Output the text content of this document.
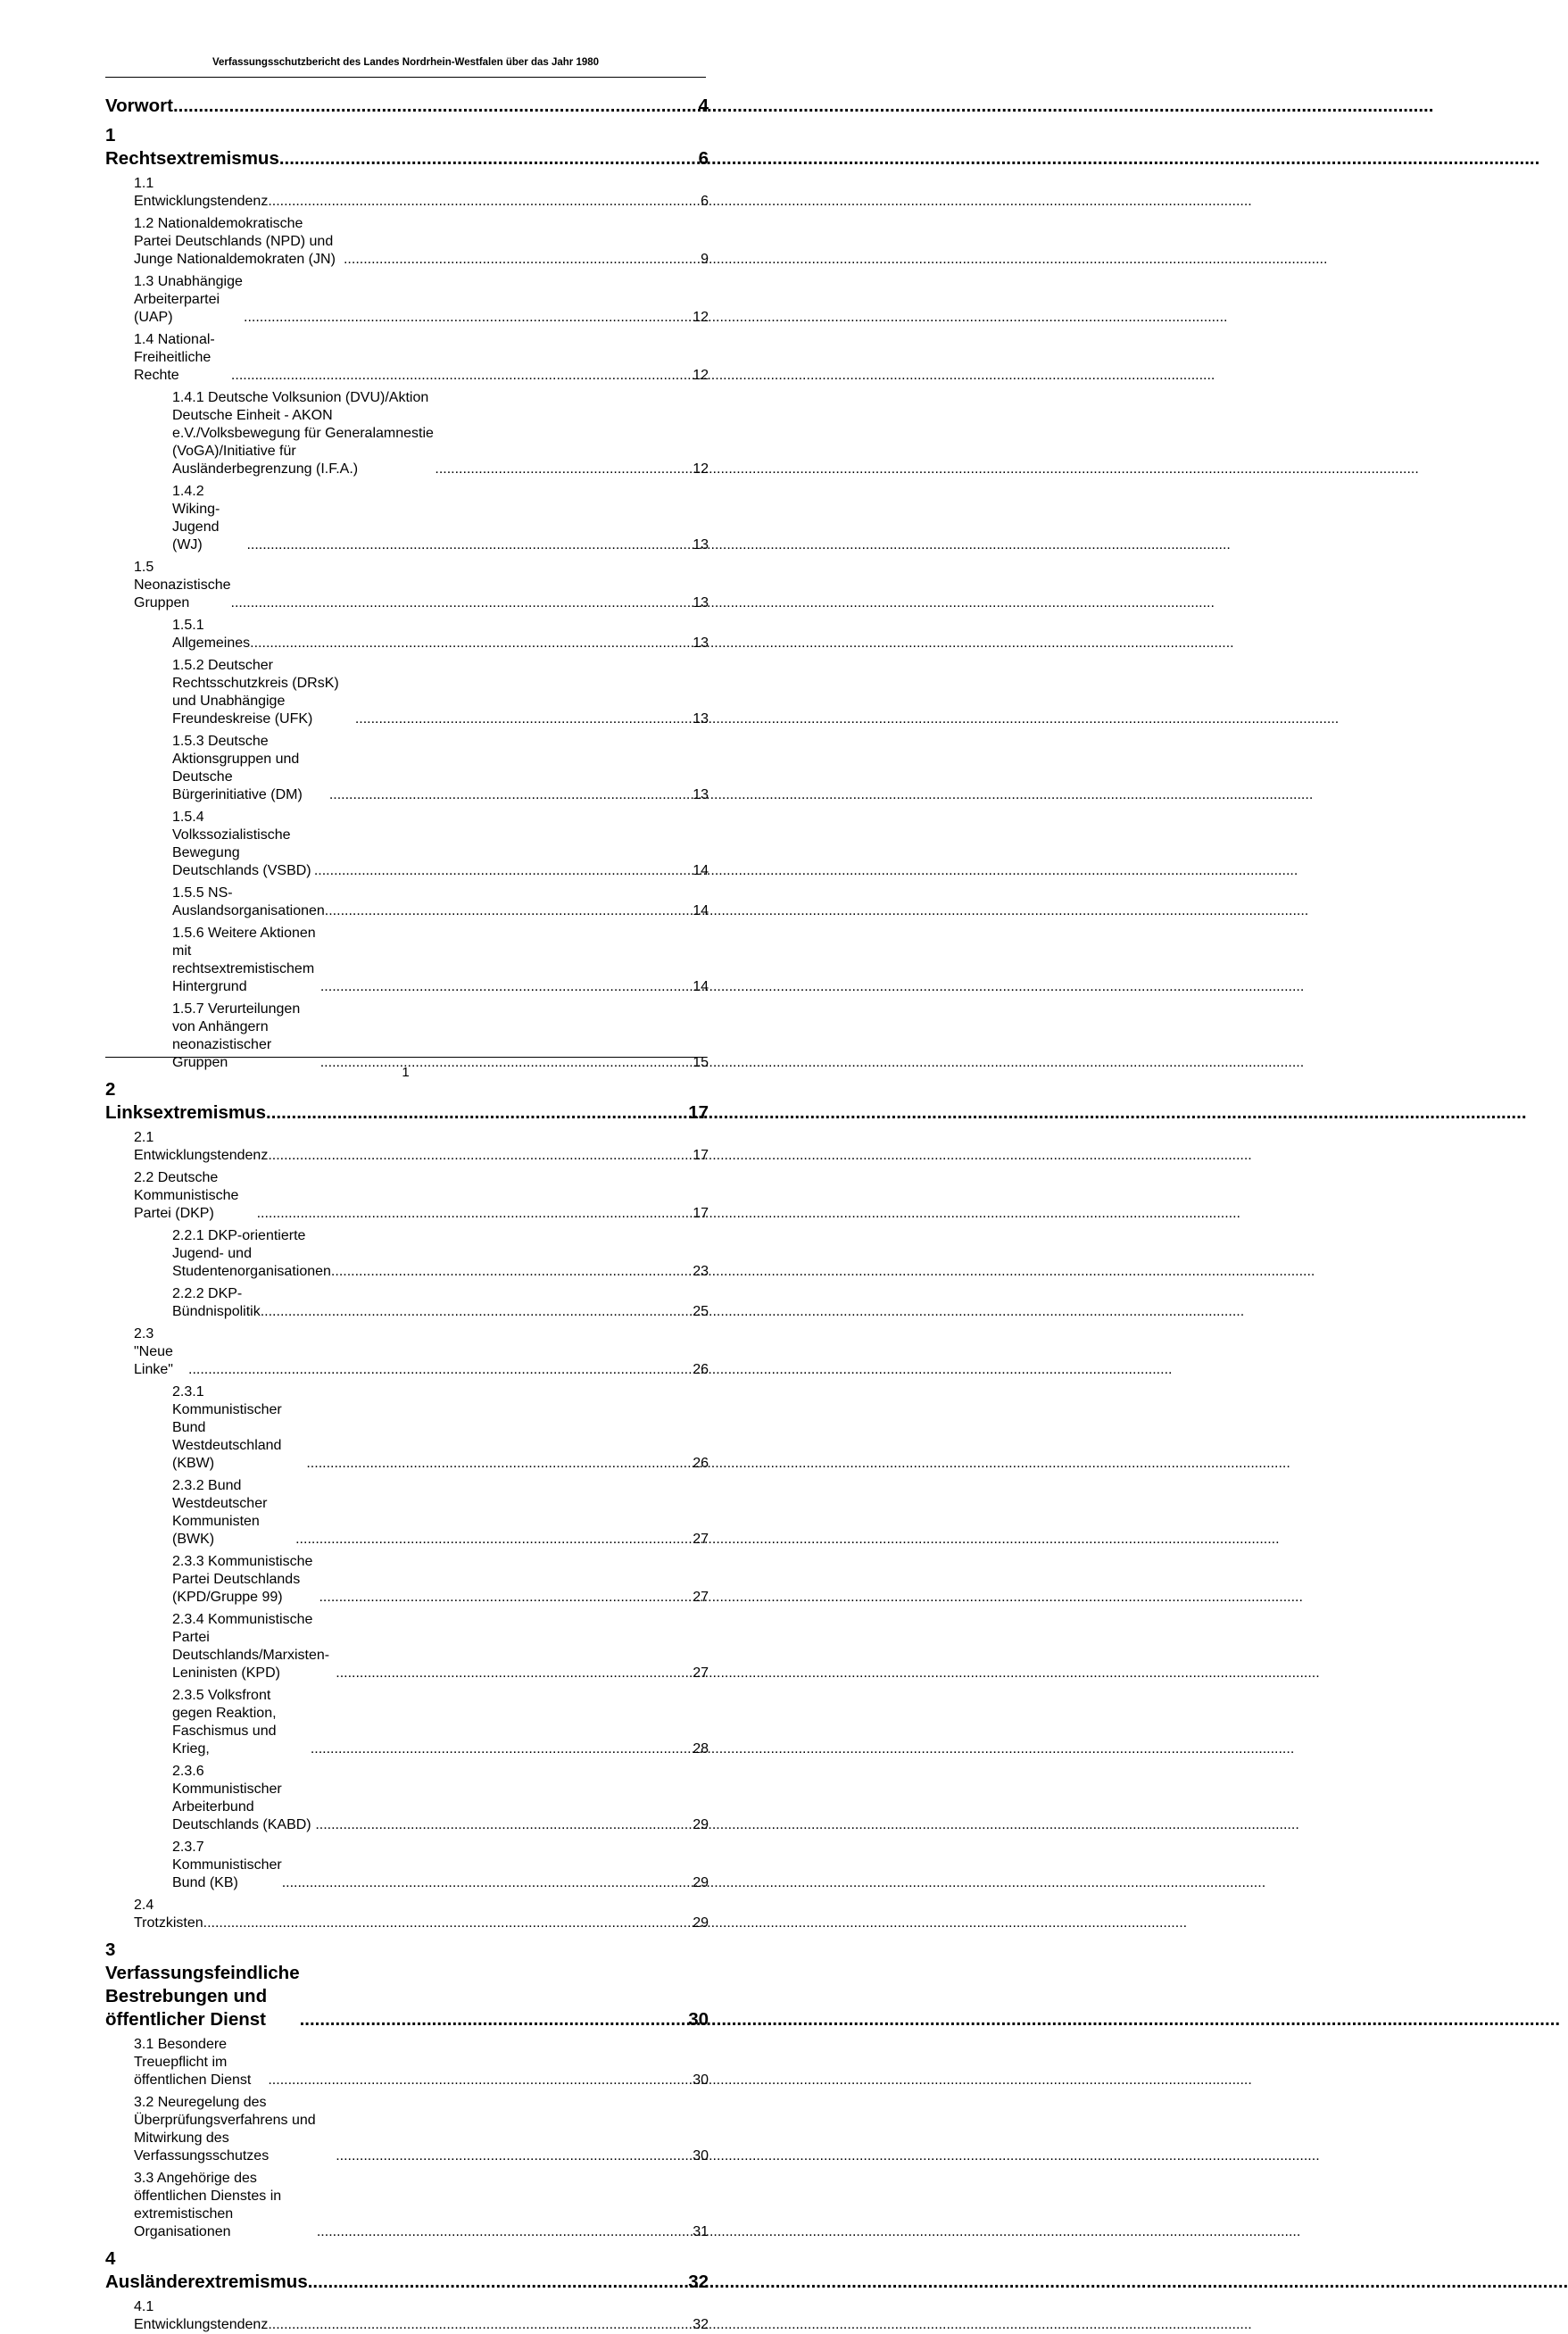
Verfassungsschutzbericht des Landes Nordrhein-Westfalen über das Jahr 1980
Vorwort .....	4
1 Rechtsextremismus .....	6
1.1 Entwicklungstendenz .....	6
1.2 Nationaldemokratische Partei Deutschlands (NPD) und Junge Nationaldemokraten (JN) .....	9
1.3 Unabhängige Arbeiterpartei (UAP) .....	12
1.4 National-Freiheitliche Rechte .....	12
1.4.1 Deutsche Volksunion (DVU)/Aktion Deutsche Einheit - AKON e.V./Volksbewegung für Generalamnestie (VoGA)/Initiative für Ausländerbegrenzung (I.F.A.) .....	12
1.4.2 Wiking-Jugend (WJ) .....	13
1.5 Neonazistische Gruppen .....	13
1.5.1 Allgemeines .....	13
1.5.2 Deutscher Rechtsschutzkreis (DRsK) und Unabhängige Freundeskreise (UFK) .....	13
1.5.3 Deutsche Aktionsgruppen und Deutsche Bürgerinitiative (DM) .....	13
1.5.4 Volkssozialistische Bewegung Deutschlands (VSBD) .....	14
1.5.5 NS-Auslandsorganisationen .....	14
1.5.6 Weitere Aktionen mit rechtsextremistischem Hintergrund .....	14
1.5.7 Verurteilungen von Anhängern neonazistischer Gruppen .....	15
2 Linksextremismus .....	17
2.1 Entwicklungstendenz .....	17
2.2 Deutsche Kommunistische Partei (DKP) .....	17
2.2.1 DKP-orientierte Jugend- und Studentenorganisationen .....	23
2.2.2 DKP-Bündnispolitik .....	25
2.3 "Neue Linke" .....	26
2.3.1 Kommunistischer Bund Westdeutschland (KBW) .....	26
2.3.2 Bund Westdeutscher Kommunisten (BWK) .....	27
2.3.3 Kommunistische Partei Deutschlands (KPD/Gruppe 99) .....	27
2.3.4 Kommunistische Partei Deutschlands/Marxisten-Leninisten (KPD) .....	27
2.3.5 Volksfront gegen Reaktion, Faschismus und Krieg, .....	28
2.3.6 Kommunistischer Arbeiterbund Deutschlands (KABD) .....	29
2.3.7 Kommunistischer Bund (KB) .....	29
2.4 Trotzkisten .....	29
3 Verfassungsfeindliche Bestrebungen und öffentlicher Dienst .....	30
3.1 Besondere Treuepflicht im öffentlichen Dienst .....	30
3.2 Neuregelung des Überprüfungsverfahrens und Mitwirkung des Verfassungsschutzes .....	30
3.3 Angehörige des öffentlichen Dienstes in extremistischen Organisationen .....	31
4 Ausländerextremismus .....	32
4.1 Entwicklungstendenz .....	32
1
